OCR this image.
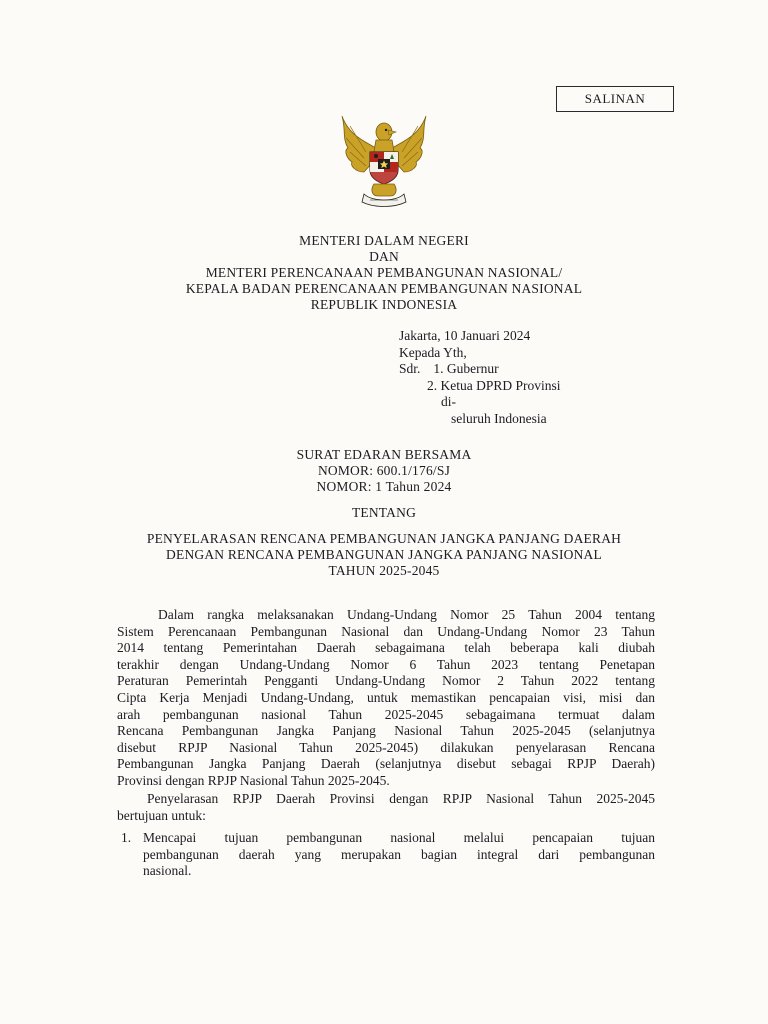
SALINAN
MENTERI DALAM NEGERI
DAN
MENTERI PERENCANAAN PEMBANGUNAN NASIONAL/
KEPALA BADAN PERENCANAAN PEMBANGUNAN NASIONAL
REPUBLIK INDONESIA
Jakarta, 10 Januari 2024
Kepada Yth,
Sdr. 1. Gubernur
2. Ketua DPRD Provinsi
di-
seluruh Indonesia
SURAT EDARAN BERSAMA
NOMOR: 600.1/176/SJ
NOMOR: 1 Tahun 2024
TENTANG
PENYELARASAN RENCANA PEMBANGUNAN JANGKA PANJANG DAERAH
DENGAN RENCANA PEMBANGUNAN JANGKA PANJANG NASIONAL
TAHUN 2025-2045
Dalam rangka melaksanakan Undang-Undang Nomor 25 Tahun 2004 tentang
Sistem Perencanaan Pembangunan Nasional dan Undang-Undang Nomor 23 Tahun
2014 tentang Pemerintahan Daerah sebagaimana telah beberapa kali diubah
terakhir dengan Undang-Undang Nomor 6 Tahun 2023 tentang Penetapan
Peraturan Pemerintah Pengganti Undang-Undang Nomor 2 Tahun 2022 tentang
Cipta Kerja Menjadi Undang-Undang, untuk memastikan pencapaian visi, misi dan
arah pembangunan nasional Tahun 2025-2045 sebagaimana termuat dalam
Rencana Pembangunan Jangka Panjang Nasional Tahun 2025-2045 (selanjutnya
disebut RPJP Nasional Tahun 2025-2045) dilakukan penyelarasan Rencana
Pembangunan Jangka Panjang Daerah (selanjutnya disebut sebagai RPJP Daerah)
Provinsi dengan RPJP Nasional Tahun 2025-2045.
Penyelarasan RPJP Daerah Provinsi dengan RPJP Nasional Tahun 2025-2045
bertujuan untuk:
1. Mencapai tujuan pembangunan nasional melalui pencapaian tujuan
pembangunan daerah yang merupakan bagian integral dari pembangunan
nasional.
